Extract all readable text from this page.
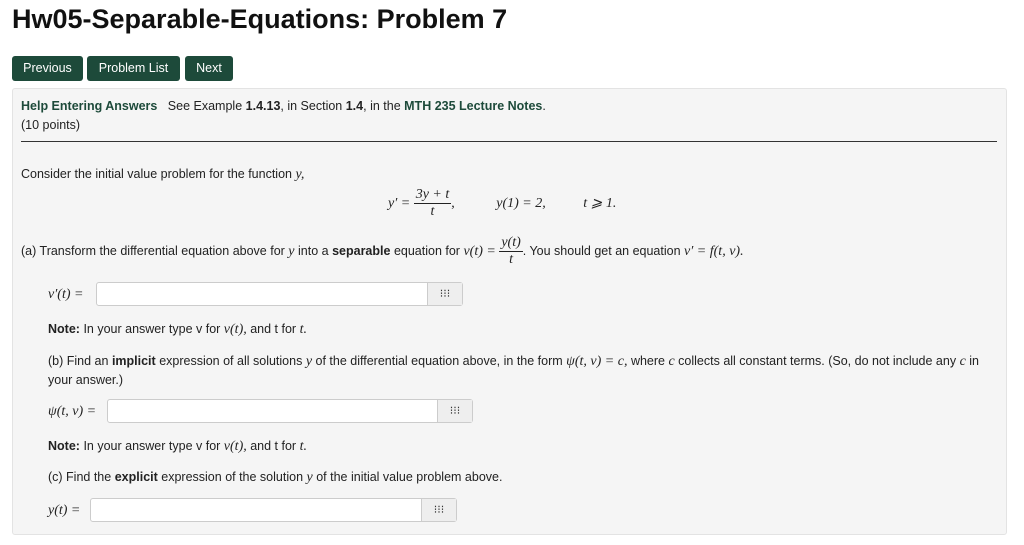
Hw05-Separable-Equations: Problem 7
Previous	Problem List	Next
Help Entering Answers See Example 1.4.13, in Section 1.4, in the MTH 235 Lecture Notes.
(10 points)
Consider the initial value problem for the function y,
$y' = \frac{3y + t}{t}$ ,	y(1) = 2,	t ⩾ 1.
(a) Transform the differential equation above for y into a separable equation for $v(t) = \frac{y(t)}{t}$ . You should get an equation v′ = f(t, v).
v′(t) =	⁝⁝⁝
Note: In your answer type v for v(t), and t for t.
(b) Find an implicit expression of all solutions y of the differential equation above, in the form ψ(t, v) = c, where c collects all constant terms. (So, do not include any c in your answer.)
ψ(t, v) =	⁝⁝⁝
Note: In your answer type v for v(t), and t for t.
(c) Find the explicit expression of the solution y of the initial value problem above.
y(t) =	⁝⁝⁝
